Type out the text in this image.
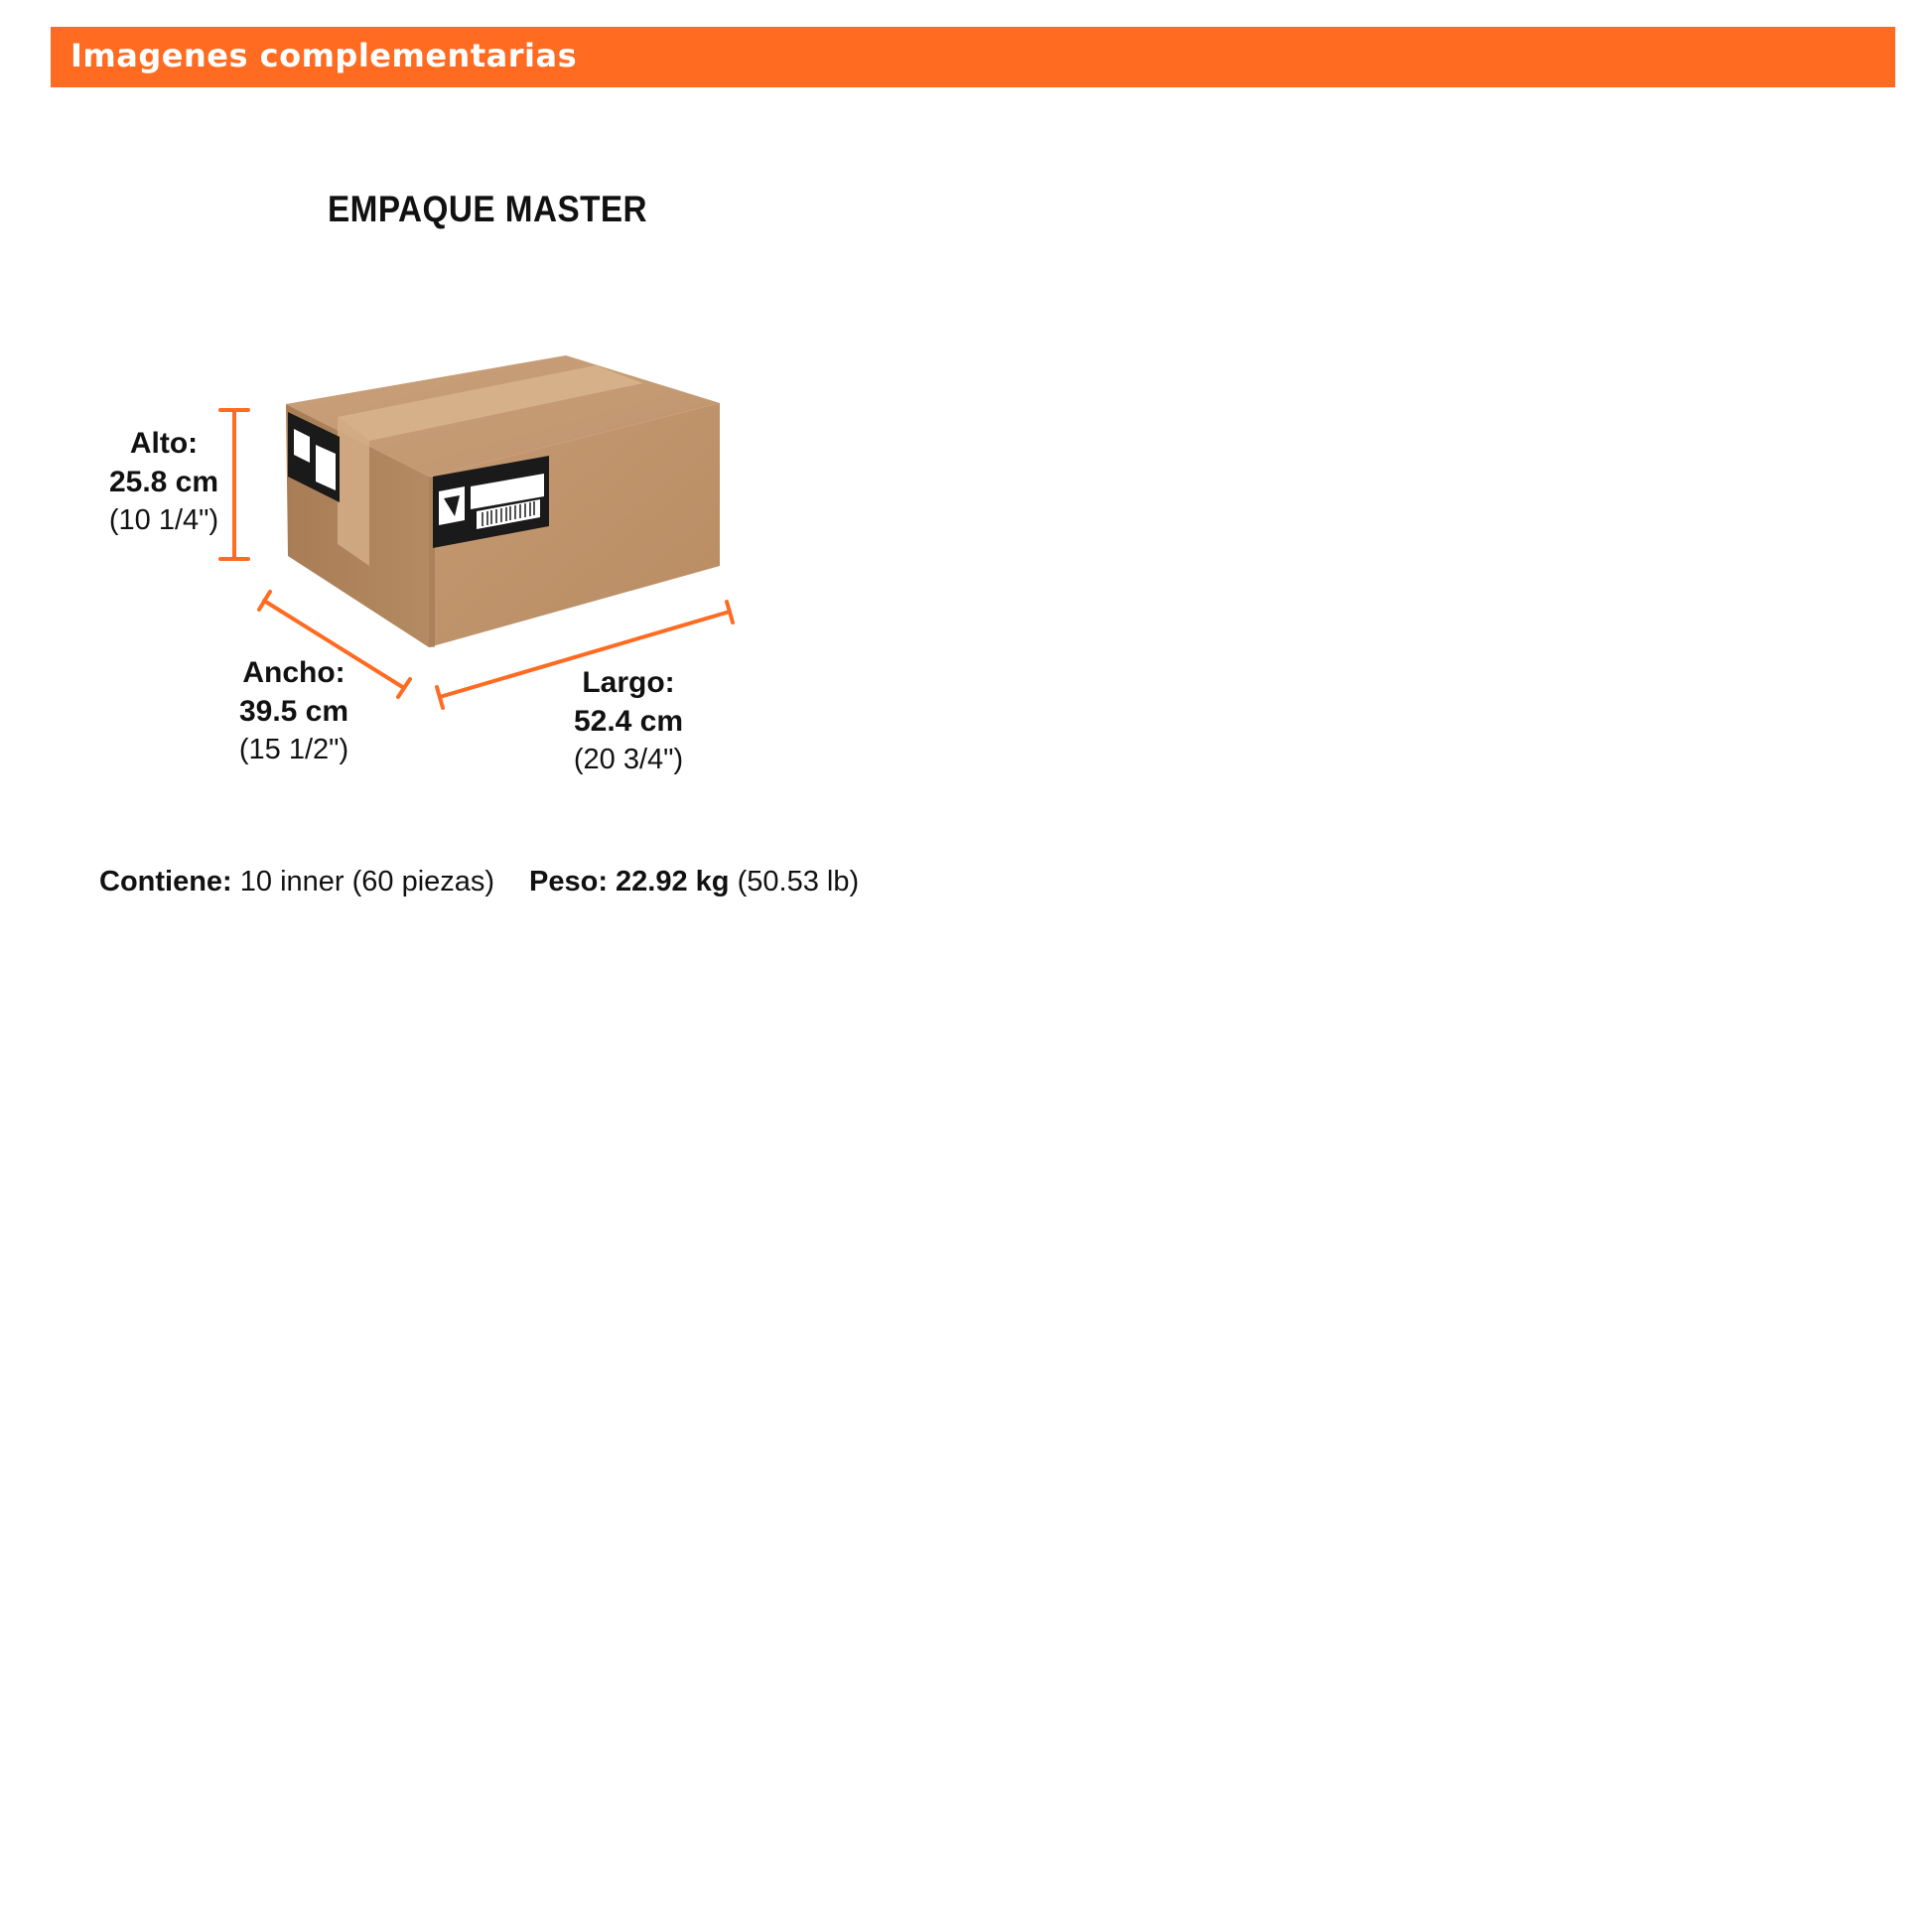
Imagenes complementarias
EMPAQUE MASTER
Alto:
25.8 cm
(10 1/4")
Ancho:
39.5 cm
(15 1/2")
Largo:
52.4 cm
(20 3/4")
Contiene: 10 inner (60 piezas) Peso: 22.92 kg (50.53 lb)
